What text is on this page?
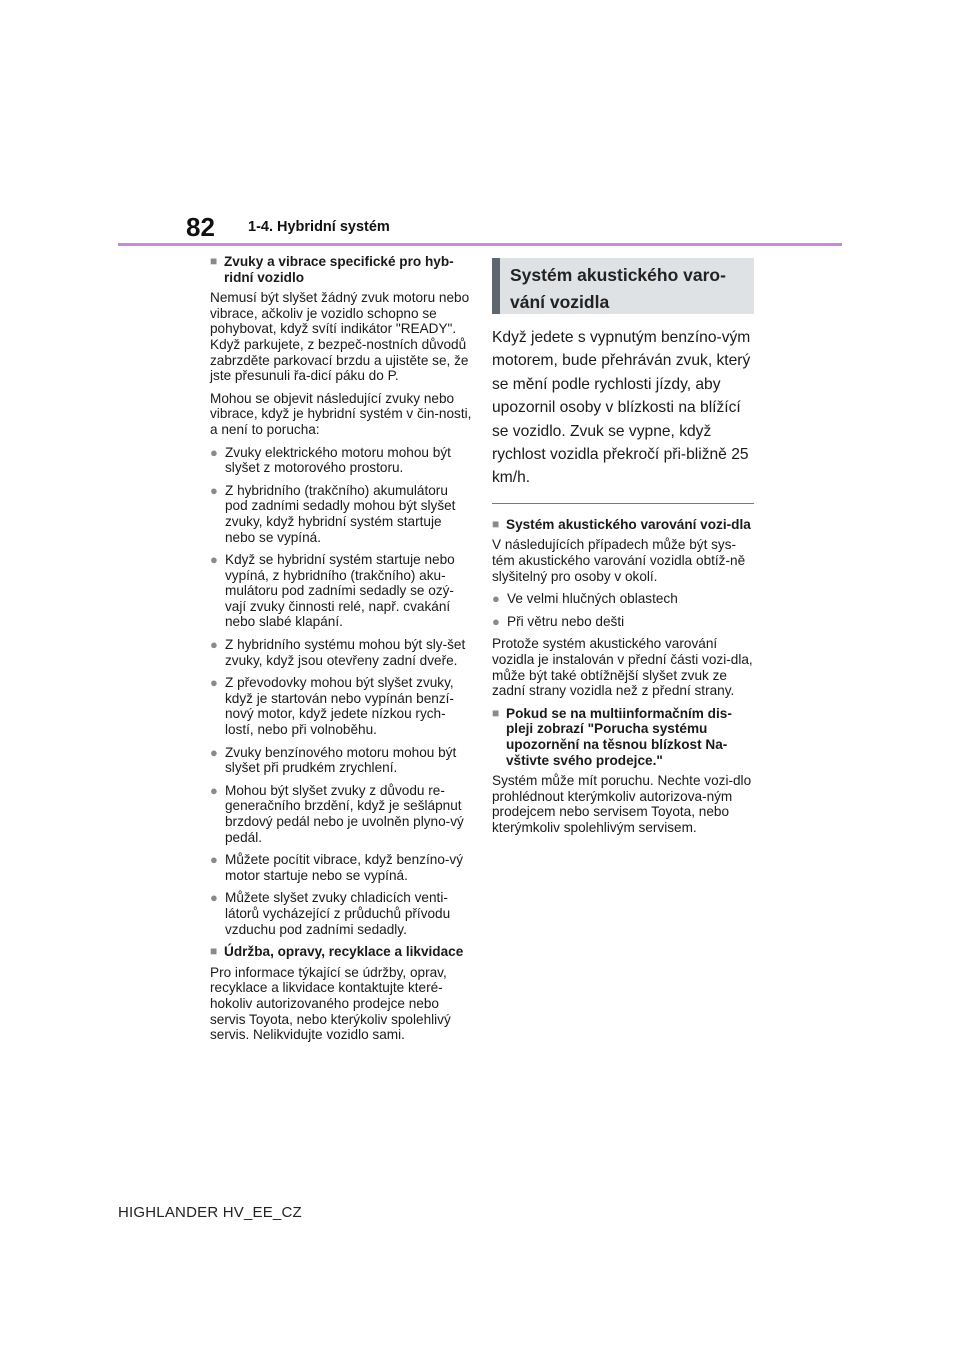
82 1-4. Hybridní systém
■ Zvuky a vibrace specifické pro hyb-ridní vozidlo

Nemusí být slyšet žádný zvuk motoru nebo vibrace, ačkoliv je vozidlo schopno se pohybovat, když svítí indikátor "READY". Když parkujete, z bezpeč-nostních důvodů zabrzděte parkovací brzdu a ujistěte se, že jste přesunuli řa-dicí páku do P.

Mohou se objevit následující zvuky nebo vibrace, když je hybridní systém v čin-nosti, a není to porucha:

● Zvuky elektrického motoru mohou být slyšet z motorového prostoru.
● Z hybridního (trakčního) akumulátoru pod zadními sedadly mohou být slyšet zvuky, když hybridní systém startuje nebo se vypíná.
● Když se hybridní systém startuje nebo vypíná, z hybridního (trakčního) aku-mulátoru pod zadními sedadly se ozý-vají zvuky činnosti relé, např. cvakání nebo slabé klapání.
● Z hybridního systému mohou být sly-šet zvuky, když jsou otevřeny zadní dveře.
● Z převodovky mohou být slyšet zvuky, když je startován nebo vypínán benzí-nový motor, když jedete nízkou rych-lostí, nebo při volnoběhu.
● Zvuky benzínového motoru mohou být slyšet při prudkém zrychlení.
● Mohou být slyšet zvuky z důvodu re-generačního brzdění, když je sešlápnut brzdový pedál nebo je uvolněn plyno-vý pedál.
● Můžete pocítit vibrace, když benzíno-vý motor startuje nebo se vypíná.
● Můžete slyšet zvuky chladicích venti-látorů vycházející z průduchů přívodu vzduchu pod zadními sedadly.
■ Údržba, opravy, recyklace a likvidace

Pro informace týkající se údržby, oprav, recyklace a likvidace kontaktujte které-hokoliv autorizovaného prodejce nebo servis Toyota, nebo kterýkoliv spolehlivý servis. Nelikvidujte vozidlo sami.

Systém akustického varo-vání vozidla

Když jedete s vypnutým benzíno-vým motorem, bude přehráván zvuk, který se mění podle rychlosti jízdy, aby upozornil osoby v blízkosti na blížící se vozidlo. Zvuk se vypne, když rychlost vozidla překročí při-bližně 25 km/h.

■ Systém akustického varování vozi-dla

V následujících případech může být sys-tém akustického varování vozidla obtíž-ně slyšitelný pro osoby v okolí.

● Ve velmi hlučných oblastech
● Při větru nebo dešti

Protože systém akustického varování vozidla je instalován v přední části vozi-dla, může být také obtížnější slyšet zvuk ze zadní strany vozidla než z přední strany.

■ Pokud se na multiinformačním dis-pleji zobrazí "Porucha systému upozornění na těsnou blízkost Na-vštivte svého prodejce."

Systém může mít poruchu. Nechte vozi-dlo prohlédnout kterýmkoliv autorizova-ným prodejcem nebo servisem Toyota, nebo kterýmkoliv spolehlivým servisem.

HIGHLANDER HV_EE_CZ
